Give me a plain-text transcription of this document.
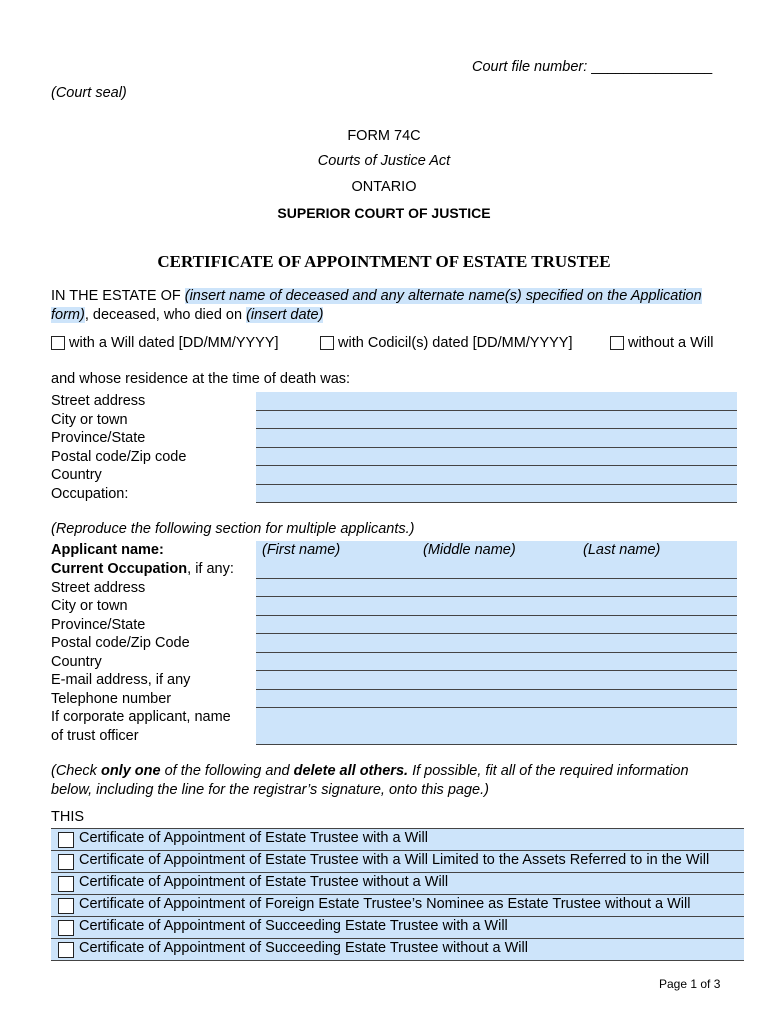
Court file number: _______________
(Court seal)
FORM 74C
Courts of Justice Act
ONTARIO
SUPERIOR COURT OF JUSTICE
CERTIFICATE OF APPOINTMENT OF ESTATE TRUSTEE
IN THE ESTATE OF (insert name of deceased and any alternate name(s) specified on the Application form), deceased, who died on (insert date)
with a Will dated [DD/MM/YYYY]	with Codicil(s) dated [DD/MM/YYYY]	without a Will
and whose residence at the time of death was:
Street address
City or town
Province/State
Postal code/Zip code
Country
Occupation:
(Reproduce the following section for multiple applicants.)
Applicant name:	(First name)	(Middle name)	(Last name)
Current Occupation, if any:
Street address
City or town
Province/State
Postal code/Zip Code
Country
E-mail address, if any
Telephone number
If corporate applicant, name
of trust officer
(Check only one of the following and delete all others. If possible, fit all of the required information
below, including the line for the registrar’s signature, onto this page.)
THIS
Certificate of Appointment of Estate Trustee with a Will
Certificate of Appointment of Estate Trustee with a Will Limited to the Assets Referred to in the Will
Certificate of Appointment of Estate Trustee without a Will
Certificate of Appointment of Foreign Estate Trustee’s Nominee as Estate Trustee without a Will
Certificate of Appointment of Succeeding Estate Trustee with a Will
Certificate of Appointment of Succeeding Estate Trustee without a Will
Page 1 of 3
